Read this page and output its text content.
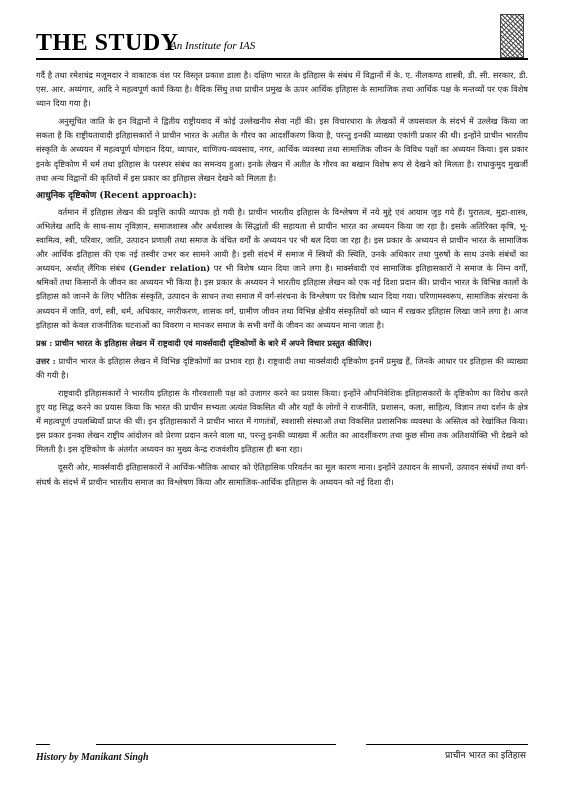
THE STUDY
An Institute for IAS

गर्दै है तथा रमेशचंद्र मजूमदार ने वाकाटक वंश पर विस्तृत प्रकाश डाला है। दक्षिण भारत के इतिहास के संबंध में विद्वानों में के. ए. नीलकण्ठ शास्त्री, डी. सी. सरकार, डी. एस. आर. अय्यंगार, आदि ने महत्वपूर्ण कार्य किया है। वैदिक सिंधु तथा प्राचीन प्रमुख के ऊपर आर्थिक इतिहास के सामाजिक तथा आर्थिक पक्ष के मन्तव्यों पर एक विशेष ध्यान दिया गया है।

अनुसूचित जाति के इन विद्वानों ने द्वितीय राष्ट्रीयवाद में कोई उल्लेखनीय सेवा नहीं की। इस विचारधारा के लेखकों में जयसवाल के संदर्भ में उल्लेख किया जा सकता है कि राष्ट्रीयतावादी इतिहासकारों ने प्राचीन भारत के अतीत के गौरव का आदर्शीकरण किया है, परन्तु इनकी व्याख्या एकांगी प्रकार की थी। इन्होंने प्राचीन भारतीय संस्कृति के अध्ययन में महत्वपूर्ण योगदान दिया, व्यापार, वाणिज्य-व्यवसाय, नगर, आर्थिक व्यवस्था तथा सामाजिक जीवन के विविध पक्षों का अध्ययन किया। इस प्रकार इनके दृष्टिकोण में धर्म तथा इतिहास के परस्पर संबंध का समन्वय हुआ। इनके लेखन में अतीत के गौरव का बखान विशेष रूप से देखने को मिलता है। राधाकुमुद मुखर्जी तथा अन्य विद्वानों की कृतियों में इस प्रकार का इतिहास लेखन देखने को मिलता है।

आधुनिक दृष्टिकोण (Recent approach):

वर्तमान में इतिहास लेखन की प्रवृत्ति काफी व्यापक हो गयी है। प्राचीन भारतीय इतिहास के विश्लेषण में नये मुद्दे एवं आयाम जुड़ गये हैं। पुरातत्व, मुद्रा-शास्त्र, अभिलेख आदि के साथ-साथ नृविज्ञान, समाजशास्त्र और अर्थशास्त्र के सिद्धांतों की सहायता से प्राचीन भारत का अध्ययन किया जा रहा है। इसके अतिरिक्त कृषि, भू-स्वामित्व, स्त्री, परिवार, जाति, उत्पादन प्रणाली तथा समाज के वंचित वर्गों के अध्ययन पर भी बल दिया जा रहा है। इस प्रकार के अध्ययन से प्राचीन भारत के सामाजिक और आर्थिक इतिहास की एक नई तस्वीर उभर कर सामने आयी है। इसी संदर्भ में समाज में स्त्रियों की स्थिति, उनके अधिकार तथा पुरुषों के साथ उनके संबंधों का अध्ययन, अर्थात् लैंगिक संबंध (Gender relation) पर भी विशेष ध्यान दिया जाने लगा है। मार्क्सवादी एवं सामाजिक इतिहासकारों ने समाज के निम्न वर्गों, श्रमिकों तथा किसानों के जीवन का अध्ययन भी किया है। इस प्रकार के अध्ययन ने भारतीय इतिहास लेखन को एक नई दिशा प्रदान की। प्राचीन भारत के विभिन्न कालों के इतिहास को जानने के लिए भौतिक संस्कृति, उत्पादन के साधन तथा समाज में वर्ग-संरचना के विश्लेषण पर विशेष ध्यान दिया गया। परिणामस्वरूप, सामाजिक संरचना के अध्ययन में जाति, वर्ण, स्त्री, धर्म, अधिकार, नगरीकरण, शासक वर्ग, ग्रामीण जीवन तथा विभिन्न क्षेत्रीय संस्कृतियों को ध्यान में रखकर इतिहास लिखा जाने लगा है। आज इतिहास को केवल राजनीतिक घटनाओं का विवरण न मानकर समाज के सभी वर्गों के जीवन का अध्ययन माना जाता है।

प्रश्न : प्राचीन भारत के इतिहास लेखन में राष्ट्रवादी एवं मार्क्सवादी दृष्टिकोणों के बारे में अपने विचार प्रस्तुत कीजिए।

उत्तर : प्राचीन भारत के इतिहास लेखन में विभिन्न दृष्टिकोणों का प्रभाव रहा है। राष्ट्रवादी तथा मार्क्सवादी दृष्टिकोण इनमें प्रमुख हैं, जिनके आधार पर इतिहास की व्याख्या की गयी है।

राष्ट्रवादी इतिहासकारों ने भारतीय इतिहास के गौरवशाली पक्ष को उजागर करने का प्रयास किया। इन्होंने औपनिवेशिक इतिहासकारों के दृष्टिकोण का विरोध करते हुए यह सिद्ध करने का प्रयास किया कि भारत की प्राचीन सभ्यता अत्यंत विकसित थी और यहाँ के लोगों ने राजनीति, प्रशासन, कला, साहित्य, विज्ञान तथा दर्शन के क्षेत्र में महत्वपूर्ण उपलब्धियाँ प्राप्त की थीं। इन इतिहासकारों ने प्राचीन भारत में गणतंत्रों, स्वशासी संस्थाओं तथा विकसित प्रशासनिक व्यवस्था के अस्तित्व को रेखांकित किया। इस प्रकार इनका लेखन राष्ट्रीय आंदोलन को प्रेरणा प्रदान करने वाला था, परन्तु इनकी व्याख्या में अतीत का आदर्शीकरण तथा कुछ सीमा तक अतिशयोक्ति भी देखने को मिलती है। इस दृष्टिकोण के अंतर्गत अध्ययन का मुख्य केन्द्र राजवंशीय इतिहास ही बना रहा।

दूसरी ओर, मार्क्सवादी इतिहासकारों ने आर्थिक-भौतिक आधार को ऐतिहासिक परिवर्तन का मूल कारण माना। इन्होंने उत्पादन के साधनों, उत्पादन संबंधों तथा वर्ग-संघर्ष के संदर्भ में प्राचीन भारतीय समाज का विश्लेषण किया और सामाजिक-आर्थिक इतिहास के अध्ययन को नई दिशा दी।

History by Manikant Singh	प्राचीन भारत का इतिहास
